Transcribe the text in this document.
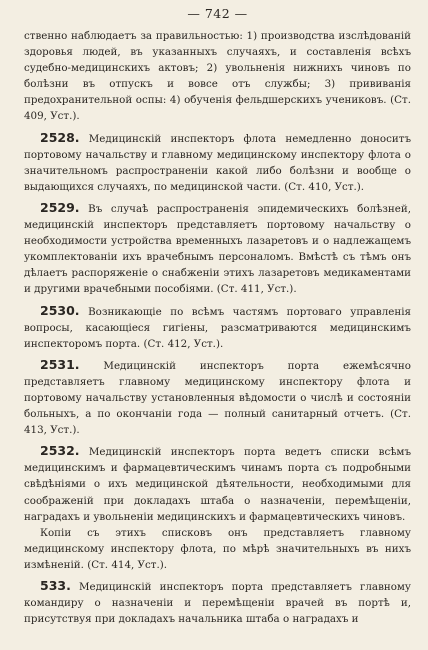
— 742 —

ственно наблюдаетъ за правильностью: 1) производства изслѣдованій здоровья людей, въ указанныхъ случаяхъ, и составленія всѣхъ судебно-медицинскихъ актовъ; 2) увольненія нижнихъ чиновъ по болѣзни въ отпускъ и вовсе отъ службы; 3) прививанія предохранительной оспы: 4) обученія фельдшерскихъ учениковъ. (Ст. 409, Уст.).

2528. Медицинскій инспекторъ флота немедленно доноситъ портовому начальству и главному медицинскому инспектору флота о значительномъ распространеніи какой либо болѣзни и вообще о выдающихся случаяхъ, по медицинской части. (Ст. 410, Уст.).

2529. Въ случаѣ распространенія эпидемическихъ болѣзней, медицинскій инспекторъ представляетъ портовому начальству о необходимости устройства временныхъ лазаретовъ и о надлежащемъ укомплектованіи ихъ врачебнымъ персоналомъ. Вмѣстѣ съ тѣмъ онъ дѣлаетъ распоряженіе о снабженіи этихъ лазаретовъ медикаментами и другими врачебными пособіями. (Ст. 411, Уст.).

2530. Возникающіе по всѣмъ частямъ портоваго управленія вопросы, касающіеся гигіены, разсматриваются медицинскимъ инспекторомъ порта. (Ст. 412, Уст.).

2531. Медицинскій инспекторъ порта ежемѣсячно представляетъ главному медицинскому инспектору флота и портовому начальству установленныя вѣдомости о числѣ и состояніи больныхъ, а по окончаніи года — полный санитарный отчетъ. (Ст. 413, Уст.).

2532. Медицинскій инспекторъ порта ведетъ списки всѣмъ медицинскимъ и фармацевтическимъ чинамъ порта съ подробными свѣдѣніями о ихъ медицинской дѣятельности, необходимыми для соображеній при докладахъ штаба о назначеніи, перемѣщеніи, наградахъ и увольненіи медицинскихъ и фармацевтическихъ чиновъ.

Копіи съ этихъ списковъ онъ представляетъ главному медицинскому инспектору флота, по мѣрѣ значительныхъ въ нихъ измѣненій. (Ст. 414, Уст.).

533. Медицинскій инспекторъ порта представляетъ главному командиру о назначеніи и перемѣщеніи врачей въ портѣ и, присутствуя при докладахъ начальника штаба о наградахъ и
